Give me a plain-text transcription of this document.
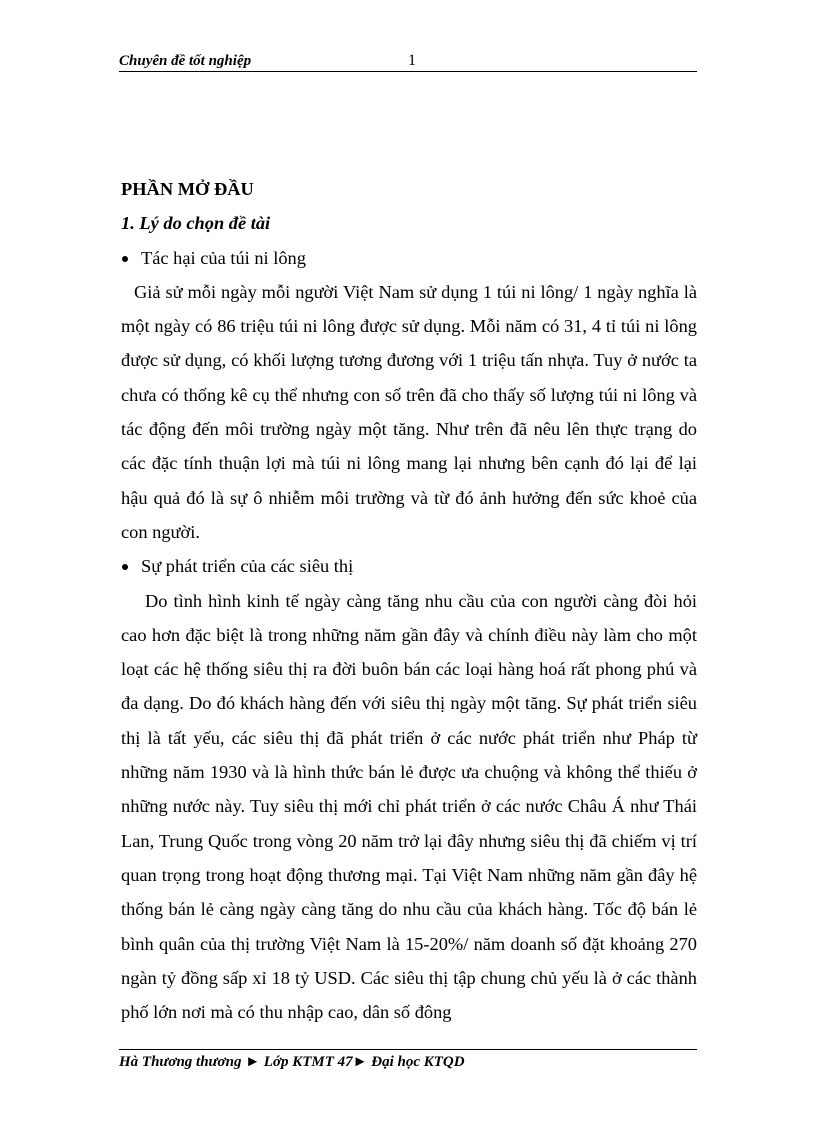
Chuyên đề tốt nghiệp	1

PHẦN MỞ ĐẦU

1. Lý do chọn đề tài

Tác hại của túi ni lông

Giả sử mỗi ngày mỗi người Việt Nam sử dụng 1 túi ni lông/ 1 ngày nghĩa là một ngày có 86 triệu túi ni lông được sử dụng. Mỗi năm có 31, 4 tỉ túi ni lông được sử dụng, có khối lượng tương đương với 1 triệu tấn nhựa. Tuy ở nước ta chưa có thống kê cụ thể nhưng con số trên đã cho thấy số lượng túi ni lông và tác động đến môi trường ngày một tăng. Như trên đã nêu lên thực trạng do các đặc tính thuận lợi mà túi ni lông mang lại nhưng bên cạnh đó lại để lại hậu quả đó là sự ô nhiễm môi trường và từ đó ảnh hưởng đến sức khoẻ của con người.

Sự phát triển của các siêu thị

Do tình hình kinh tế ngày càng tăng nhu cầu của con người càng đòi hỏi cao hơn đặc biệt là trong những năm gần đây và chính điều này làm cho một loạt các hệ thống siêu thị ra đời buôn bán các loại hàng hoá rất phong phú và đa dạng. Do đó khách hàng đến với siêu thị ngày một tăng. Sự phát triển siêu thị là tất yếu, các siêu thị đã phát triển ở các nước phát triển như Pháp từ những năm 1930 và là hình thức bán lẻ được ưa chuộng và không thể thiếu ở những nước này. Tuy siêu thị mới chỉ phát triển ở các nước Châu Á như Thái Lan, Trung Quốc trong vòng 20 năm trở lại đây nhưng siêu thị đã chiếm vị trí quan trọng trong hoạt động thương mại. Tại Việt Nam những năm gần đây hệ thống bán lẻ càng ngày càng tăng do nhu cầu của khách hàng. Tốc độ bán lẻ bình quân của thị trường Việt Nam là 15-20%/ năm doanh số đặt khoảng 270 ngàn tỷ đồng sấp xỉ 18 tỷ USD. Các siêu thị tập chung chủ yếu là ở các thành phố lớn nơi mà có thu nhập cao, dân số đông

Hà Thương thương ► Lớp KTMT 47► Đại học KTQD
